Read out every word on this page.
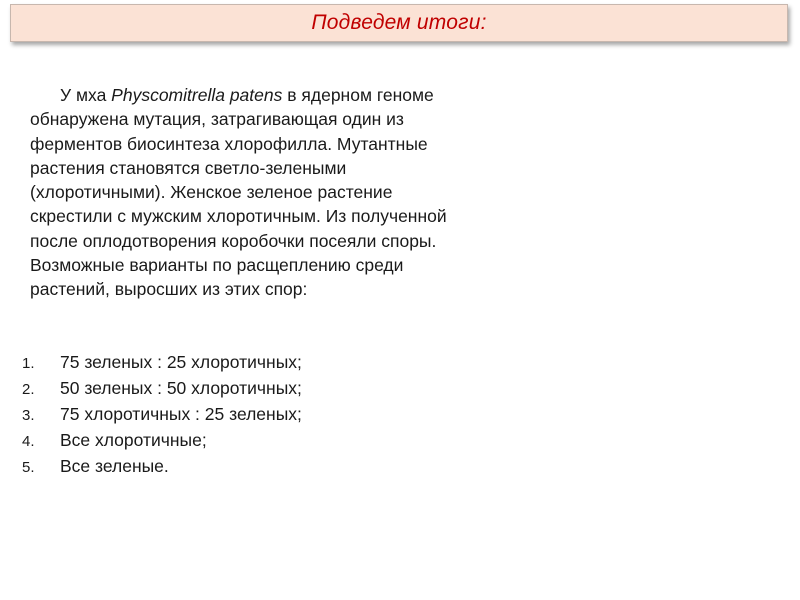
Подведем итоги:

У мха Physcomitrella patens в ядерном геноме обнаружена мутация, затрагивающая один из ферментов биосинтеза хлорофилла. Мутантные растения становятся светло-зелеными (хлоротичными). Женское зеленое растение скрестили с мужским хлоротичным. Из полученной после оплодотворения коробочки посеяли споры. Возможные варианты по расщеплению среди растений, выросших из этих спор:

1.	75 зеленых : 25 хлоротичных;
2.	50 зеленых : 50 хлоротичных;
3.	75 хлоротичных : 25 зеленых;
4.	Все хлоротичные;
5.	Все зеленые.
